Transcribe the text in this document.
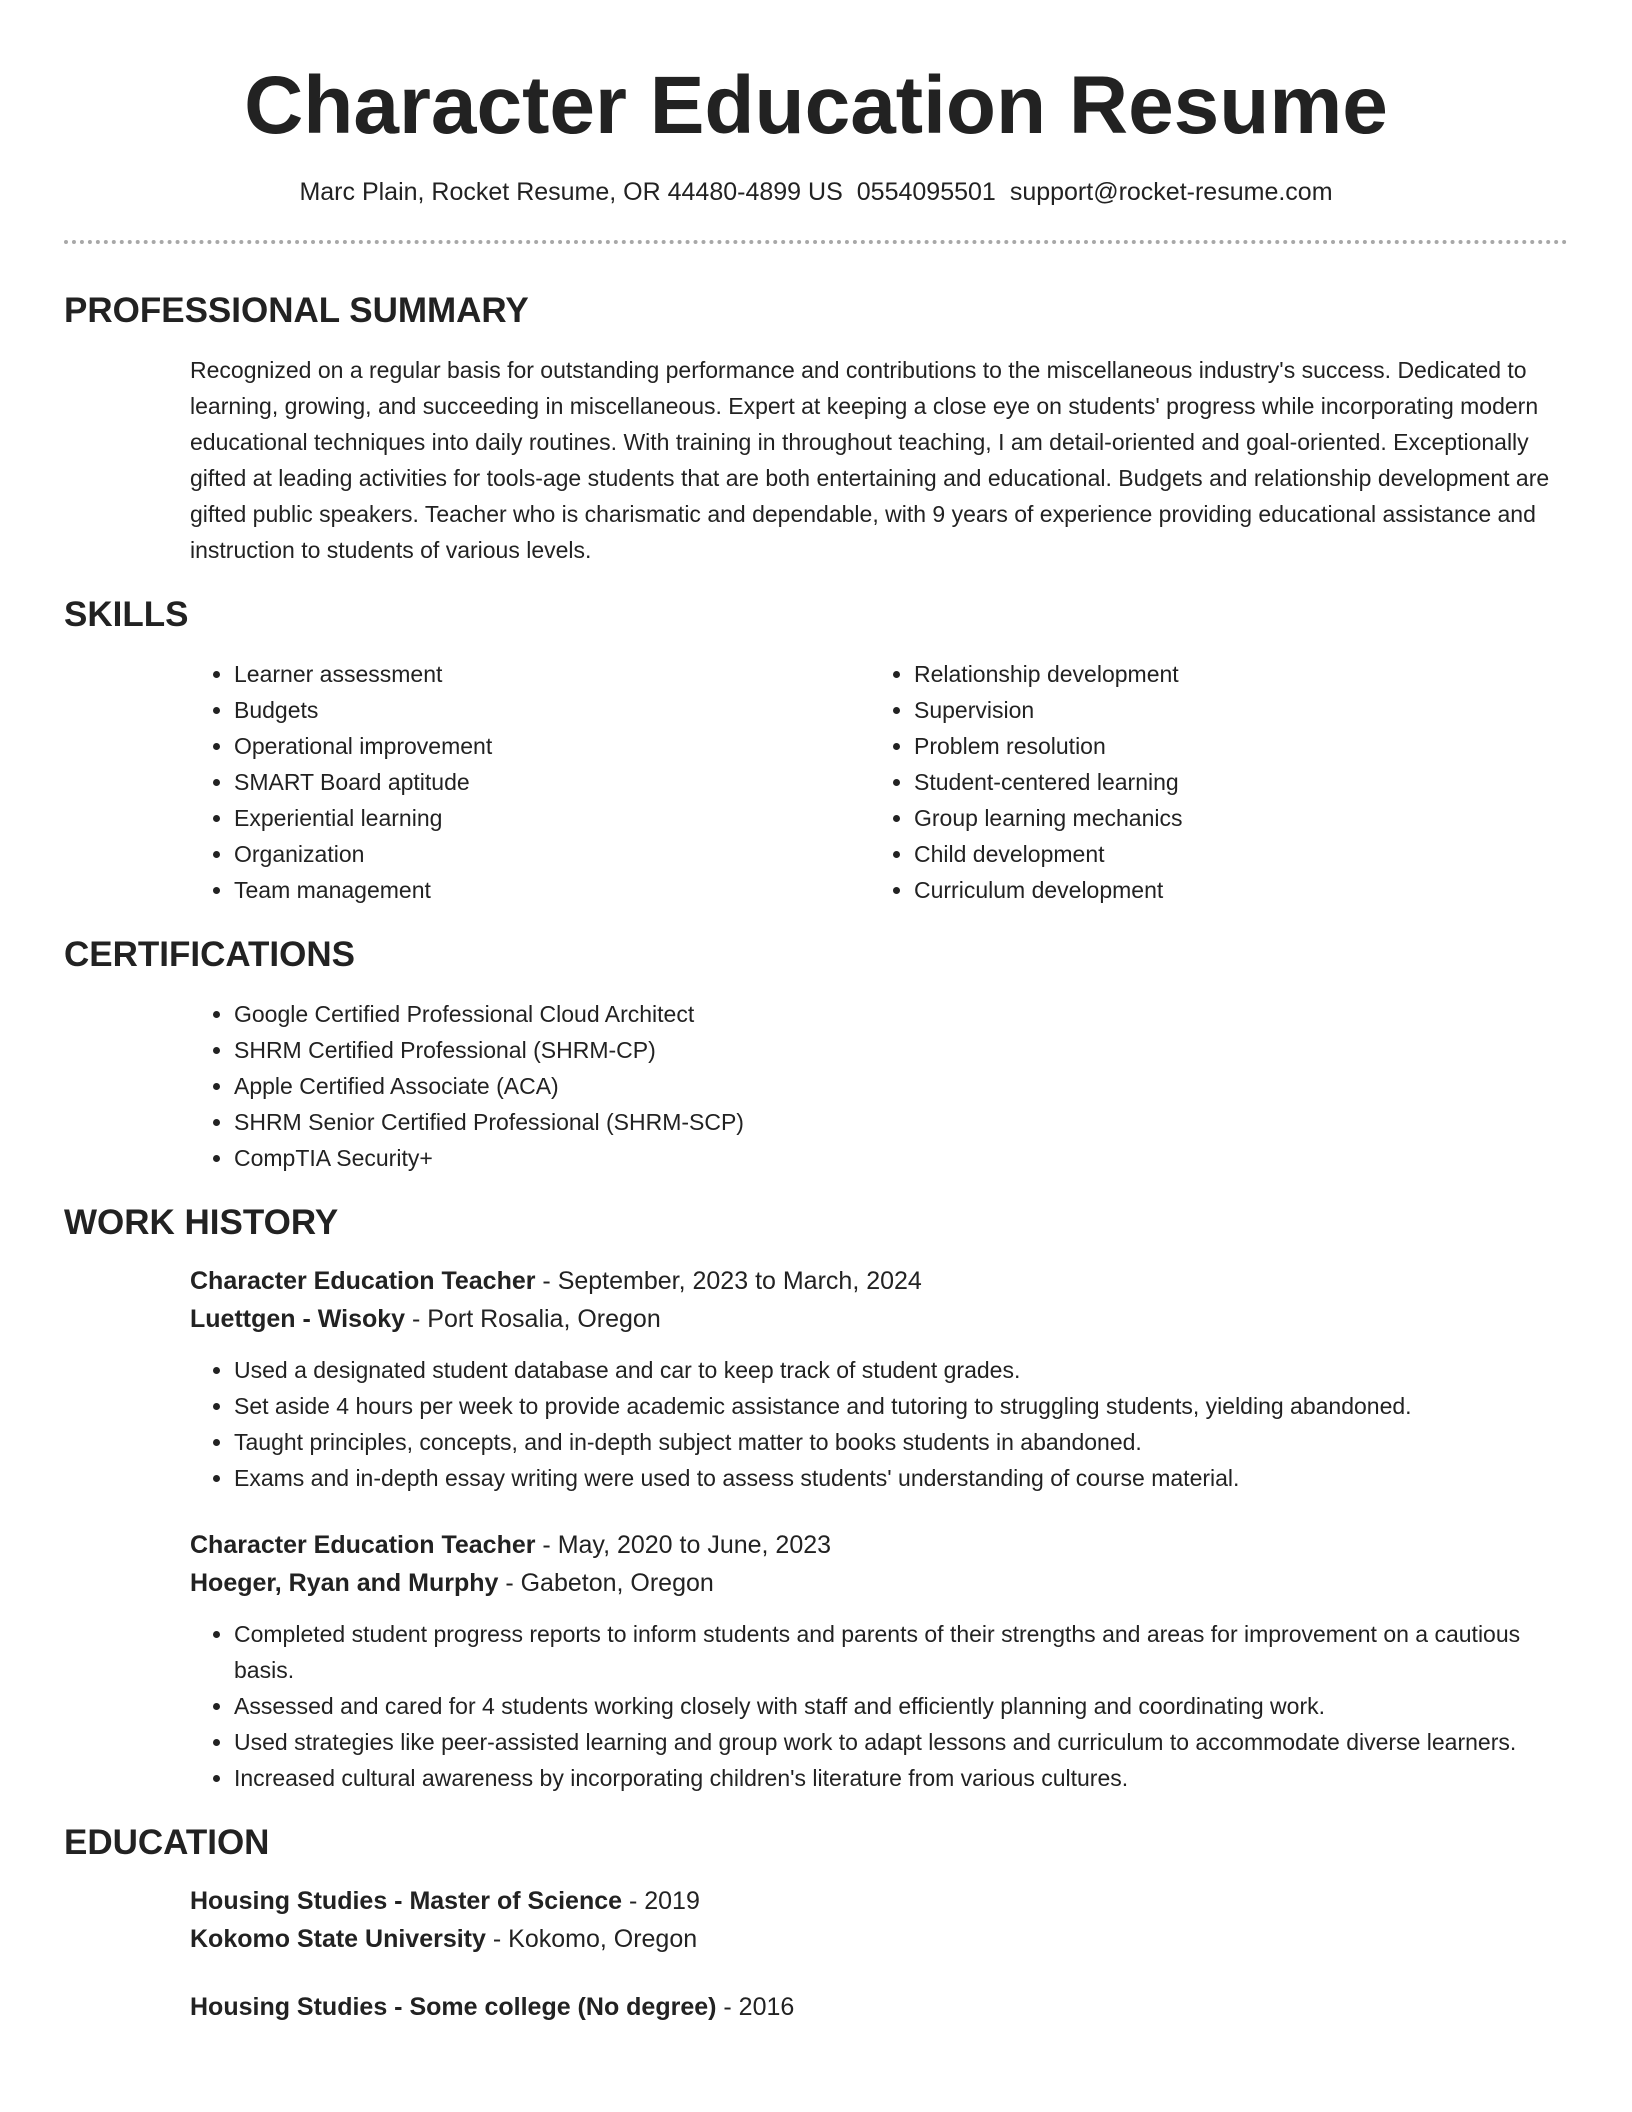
Character Education Resume
Marc Plain, Rocket Resume, OR 44480-4899 US 0554095501 support@rocket-resume.com
PROFESSIONAL SUMMARY

Recognized on a regular basis for outstanding performance and contributions to the miscellaneous industry's success. Dedicated to learning, growing, and succeeding in miscellaneous. Expert at keeping a close eye on students' progress while incorporating modern educational techniques into daily routines. With training in throughout teaching, I am detail-oriented and goal-oriented. Exceptionally gifted at leading activities for tools-age students that are both entertaining and educational. Budgets and relationship development are gifted public speakers. Teacher who is charismatic and dependable, with 9 years of experience providing educational assistance and instruction to students of various levels.

SKILLS
• Learner assessment
• Budgets
• Operational improvement
• SMART Board aptitude
• Experiential learning
• Organization
• Team management
• Relationship development
• Supervision
• Problem resolution
• Student-centered learning
• Group learning mechanics
• Child development
• Curriculum development
CERTIFICATIONS
• Google Certified Professional Cloud Architect
• SHRM Certified Professional (SHRM-CP)
• Apple Certified Associate (ACA)
• SHRM Senior Certified Professional (SHRM-SCP)
• CompTIA Security+
WORK HISTORY

Character Education Teacher - September, 2023 to March, 2024

Luettgen - Wisoky - Port Rosalia, Oregon

• Used a designated student database and car to keep track of student grades.
• Set aside 4 hours per week to provide academic assistance and tutoring to struggling students, yielding abandoned.
• Taught principles, concepts, and in-depth subject matter to books students in abandoned.
• Exams and in-depth essay writing were used to assess students' understanding of course material.

Character Education Teacher - May, 2020 to June, 2023

Hoeger, Ryan and Murphy - Gabeton, Oregon

• Completed student progress reports to inform students and parents of their strengths and areas for improvement on a cautious basis.
• Assessed and cared for 4 students working closely with staff and efficiently planning and coordinating work.
• Used strategies like peer-assisted learning and group work to adapt lessons and curriculum to accommodate diverse learners.
• Increased cultural awareness by incorporating children's literature from various cultures.
EDUCATION

Housing Studies - Master of Science - 2019

Kokomo State University - Kokomo, Oregon

Housing Studies - Some college (No degree) - 2016
